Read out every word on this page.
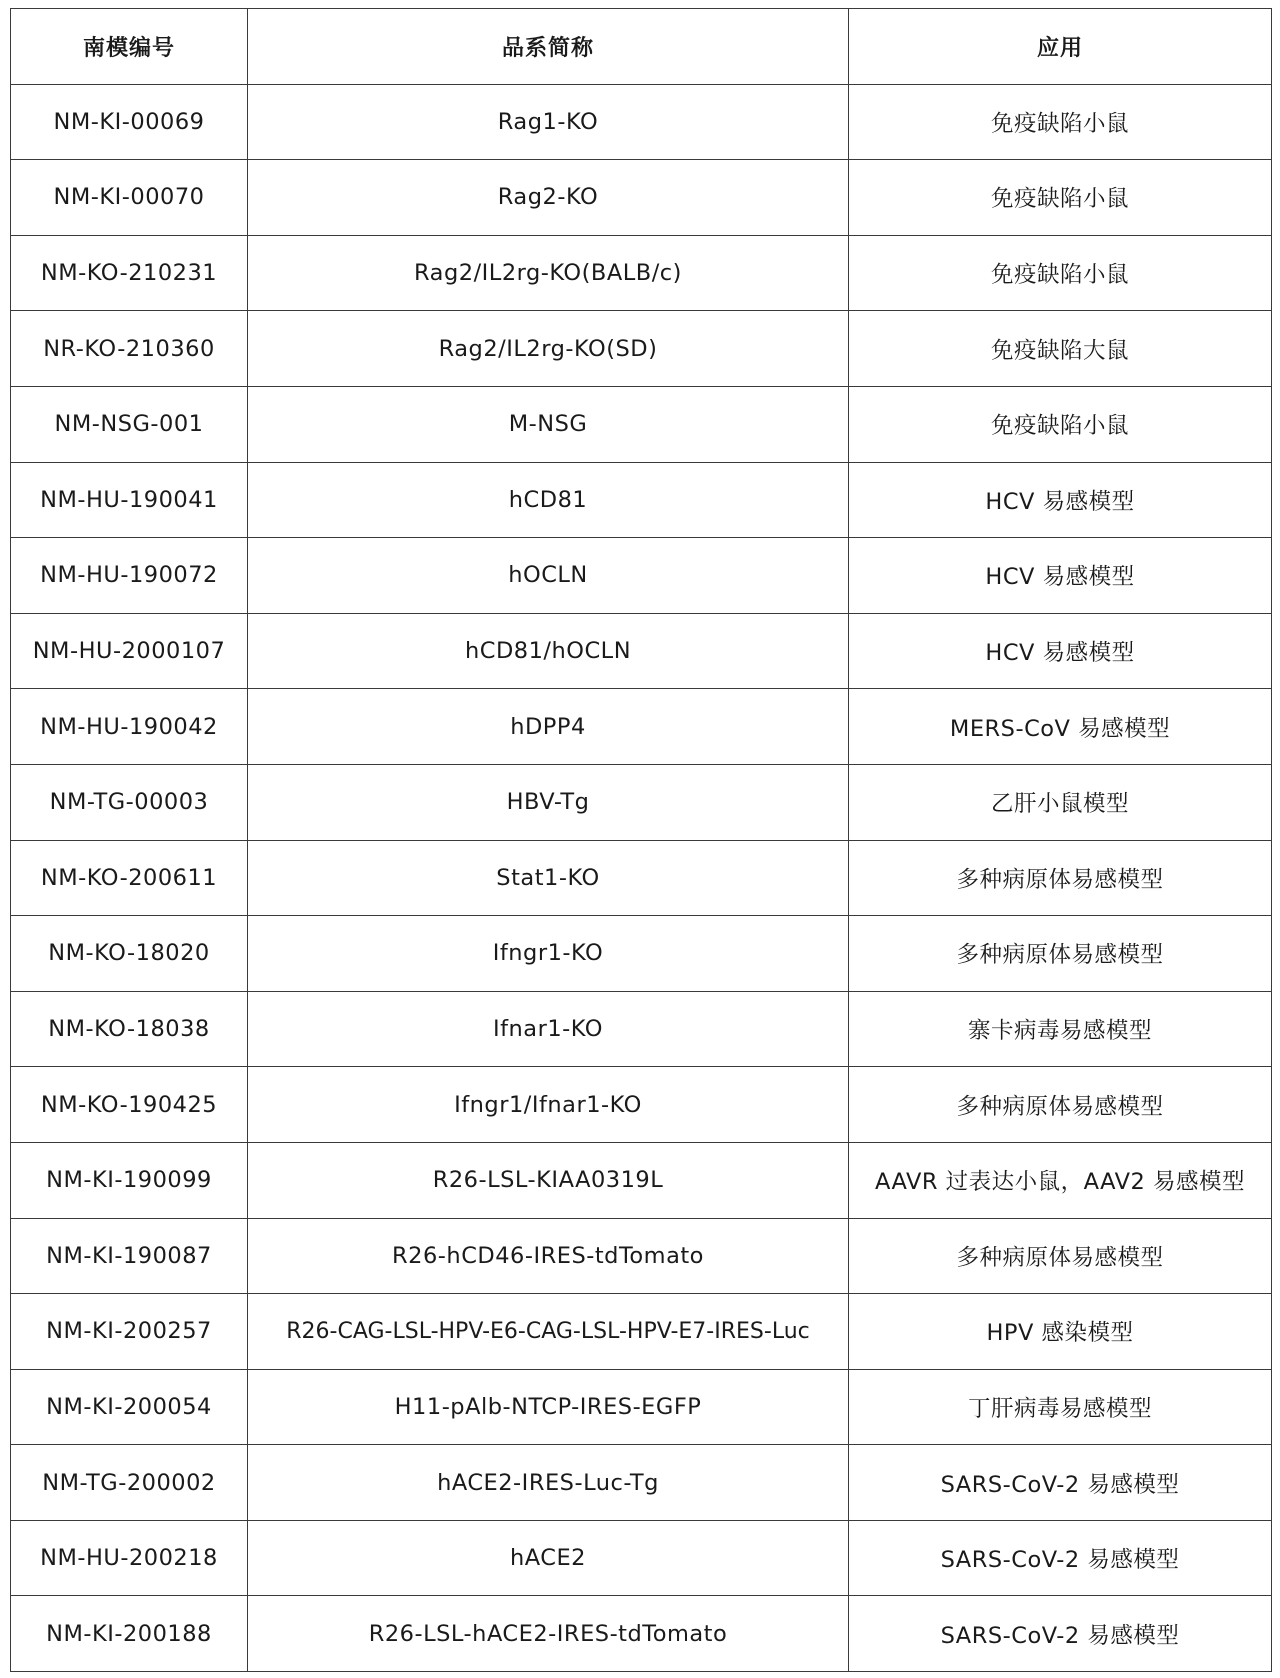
南模编号	品系简称	应用
NM-KI-00069	Rag1-KO	免疫缺陷小鼠
NM-KI-00070	Rag2-KO	免疫缺陷小鼠
NM-KO-210231	Rag2/IL2rg-KO(BALB/c)	免疫缺陷小鼠
NR-KO-210360	Rag2/IL2rg-KO(SD)	免疫缺陷大鼠
NM-NSG-001	M-NSG	免疫缺陷小鼠
NM-HU-190041	hCD81	HCV 易感模型
NM-HU-190072	hOCLN	HCV 易感模型
NM-HU-2000107	hCD81/hOCLN	HCV 易感模型
NM-HU-190042	hDPP4	MERS-CoV 易感模型
NM-TG-00003	HBV-Tg	乙肝小鼠模型
NM-KO-200611	Stat1-KO	多种病原体易感模型
NM-KO-18020	Ifngr1-KO	多种病原体易感模型
NM-KO-18038	Ifnar1-KO	寨卡病毒易感模型
NM-KO-190425	Ifngr1/Ifnar1-KO	多种病原体易感模型
NM-KI-190099	R26-LSL-KIAA0319L	AAVR 过表达小鼠，AAV2 易感模型
NM-KI-190087	R26-hCD46-IRES-tdTomato	多种病原体易感模型
NM-KI-200257	R26-CAG-LSL-HPV-E6-CAG-LSL-HPV-E7-IRES-Luc	HPV 感染模型
NM-KI-200054	H11-pAlb-NTCP-IRES-EGFP	丁肝病毒易感模型
NM-TG-200002	hACE2-IRES-Luc-Tg	SARS-CoV-2 易感模型
NM-HU-200218	hACE2	SARS-CoV-2 易感模型
NM-KI-200188	R26-LSL-hACE2-IRES-tdTomato	SARS-CoV-2 易感模型
